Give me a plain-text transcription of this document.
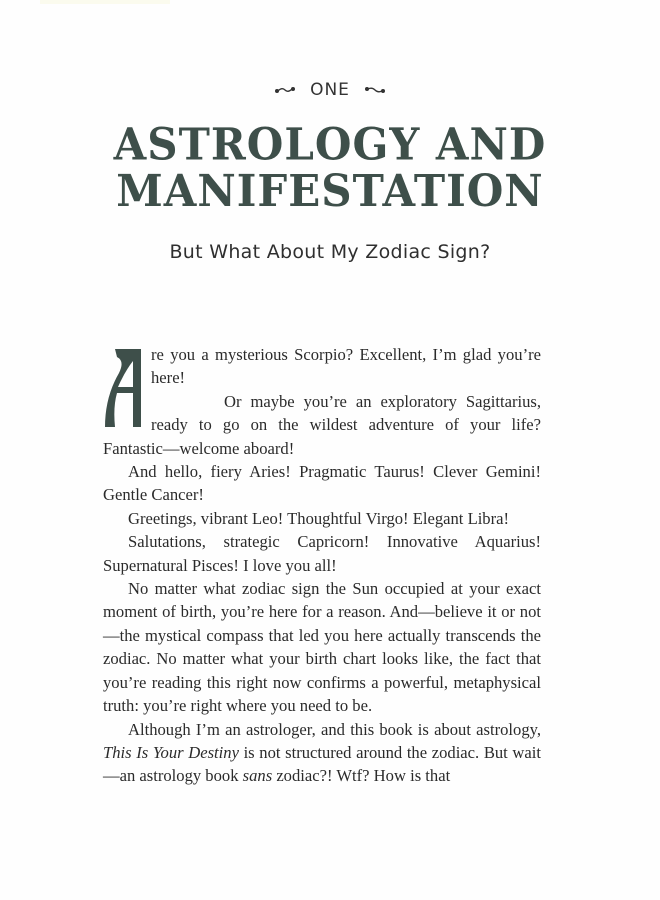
ONE
ASTROLOGY AND
MANIFESTATION
But What About My Zodiac Sign?

re you a mysterious Scorpio? Excellent, I’m glad you’re here!

Or maybe you’re an exploratory Sagittarius, ready to go on the wildest adventure of your life? Fantastic—welcome aboard!

And hello, fiery Aries! Pragmatic Taurus! Clever Gemini! Gentle Cancer!

Greetings, vibrant Leo! Thoughtful Virgo! Elegant Libra!

Salutations, strategic Capricorn! Innovative Aquarius! Supernatural Pisces! I love you all!

No matter what zodiac sign the Sun occupied at your exact moment of birth, you’re here for a reason. And—believe it or not—the mystical compass that led you here actually transcends the zodiac. No matter what your birth chart looks like, the fact that you’re reading this right now confirms a powerful, metaphysical truth: you’re right where you need to be.

Although I’m an astrologer, and this book is about astrology, This Is Your Destiny is not structured around the zodiac. But wait—an astrology book sans zodiac?! Wtf? How is that
